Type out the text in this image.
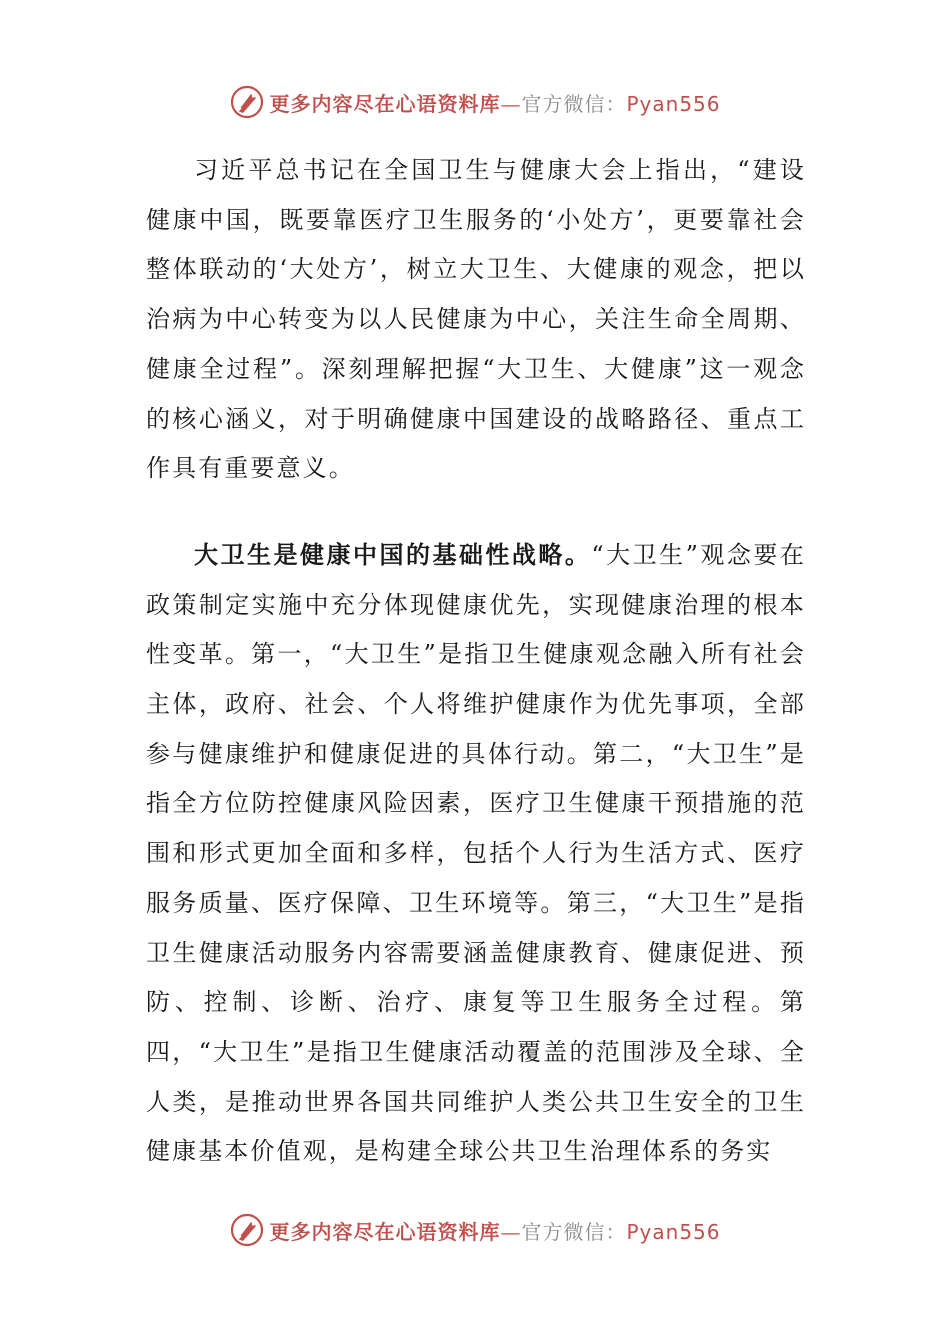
更多内容尽在心语资料库—官方微信：Pyan556

习近平总书记在全国卫生与健康大会上指出，“建设健康中国，既要靠医疗卫生服务的‘小处方’，更要靠社会整体联动的‘大处方’，树立大卫生、大健康的观念，把以治病为中心转变为以人民健康为中心，关注生命全周期、健康全过程”。深刻理解把握“大卫生、大健康”这一观念的核心涵义，对于明确健康中国建设的战略路径、重点工作具有重要意义。

大卫生是健康中国的基础性战略。“大卫生”观念要在政策制定实施中充分体现健康优先，实现健康治理的根本性变革。第一，“大卫生”是指卫生健康观念融入所有社会主体，政府、社会、个人将维护健康作为优先事项，全部参与健康维护和健康促进的具体行动。第二，“大卫生”是指全方位防控健康风险因素，医疗卫生健康干预措施的范围和形式更加全面和多样，包括个人行为生活方式、医疗服务质量、医疗保障、卫生环境等。第三，“大卫生”是指卫生健康活动服务内容需要涵盖健康教育、健康促进、预防、控制、诊断、治疗、康复等卫生服务全过程。第四，“大卫生”是指卫生健康活动覆盖的范围涉及全球、全人类，是推动世界各国共同维护人类公共卫生安全的卫生健康基本价值观，是构建全球公共卫生治理体系的务实

更多内容尽在心语资料库—官方微信：Pyan556
